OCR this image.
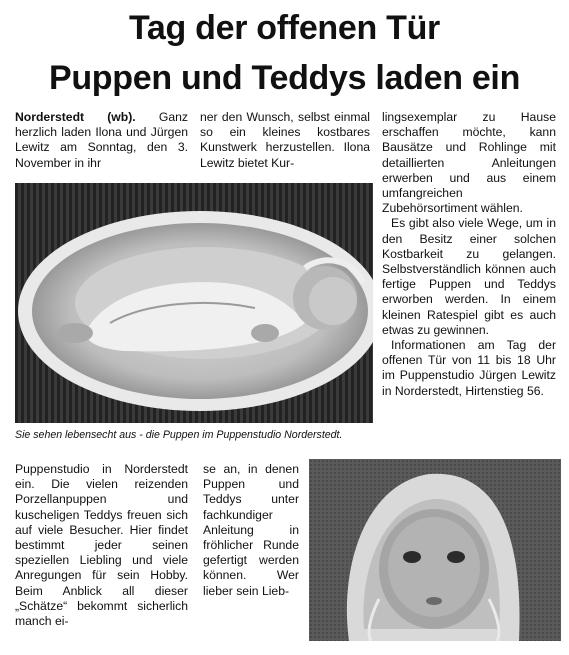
Tag der offenen Tür
Puppen und Teddys laden ein

Norderstedt (wb). Ganz herzlich laden Ilona und Jürgen Lewitz am Sonntag, den 3. November in ihr

ner den Wunsch, selbst einmal so ein kleines kostbares Kunstwerk herzustellen. Ilona Lewitz bietet Kur-

lingsexemplar zu Hause erschaffen möchte, kann Bausätze und Rohlinge mit detaillierten Anleitungen erwerben und aus einem umfangreichen Zubehörsortiment wählen.

Es gibt also viele Wege, um in den Besitz einer solchen Kostbarkeit zu gelangen. Selbstverständlich können auch fertige Puppen und Teddys erworben werden. In einem kleinen Ratespiel gibt es auch etwas zu gewinnen.

Informationen am Tag der offenen Tür von 11 bis 18 Uhr im Puppenstudio Jürgen Lewitz in Norderstedt, Hirtenstieg 56.

Sie sehen lebensecht aus - die Puppen im Puppenstudio Norderstedt.

Puppenstudio in Norderstedt ein. Die vielen reizenden Porzellanpuppen und kuscheligen Teddys freuen sich auf viele Besucher. Hier findet bestimmt jeder seinen speziellen Liebling und viele Anregungen für sein Hobby. Beim Anblick all dieser „Schätze“ bekommt sicherlich manch ei-

se an, in denen Puppen und Teddys unter fachkundiger Anleitung in fröhlicher Runde gefertigt werden können. Wer lieber sein Lieb-
